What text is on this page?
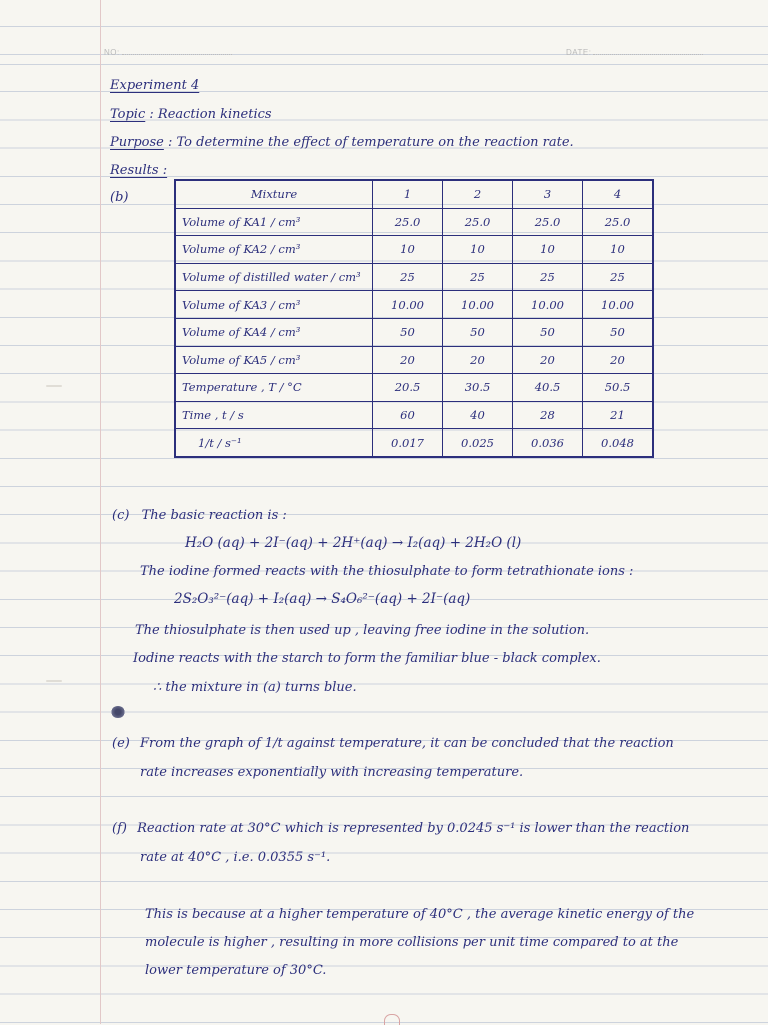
NO:	DATE:
Experiment 4
Topic : Reaction kinetics
Purpose : To determine the effect of temperature on the reaction rate.
Results :
(b)	Mixture	1	2	3	4
Volume of KA1 / cm³	25.0	25.0	25.0	25.0
Volume of KA2 / cm³	10	10	10	10
Volume of distilled water / cm³	25	25	25	25
Volume of KA3 / cm³	10.00	10.00	10.00	10.00
Volume of KA4 / cm³	50	50	50	50
Volume of KA5 / cm³	20	20	20	20
Temperature , T / °C	20.5	30.5	40.5	50.5
Time , t / s	60	40	28	21
1/t / s⁻¹	0.017	0.025	0.036	0.048
(c) The basic reaction is :
H₂O (aq) + 2I⁻(aq) + 2H⁺(aq) → I₂(aq) + 2H₂O (l)
The iodine formed reacts with the thiosulphate to form tetrathionate ions :
2S₂O₃²⁻(aq) + I₂(aq) → S₄O₆²⁻(aq) + 2I⁻(aq)
The thiosulphate is then used up , leaving free iodine in the solution.
Iodine reacts with the starch to form the familiar blue - black complex.
∴ the mixture in (a) turns blue.
(e) From the graph of 1/t against temperature, it can be concluded that the reaction
rate increases exponentially with increasing temperature.
(f) Reaction rate at 30°C which is represented by 0.0245 s⁻¹ is lower than the reaction
rate at 40°C , i.e. 0.0355 s⁻¹.
This is because at a higher temperature of 40°C , the average kinetic energy of the
molecule is higher , resulting in more collisions per unit time compared to at the
lower temperature of 30°C.
